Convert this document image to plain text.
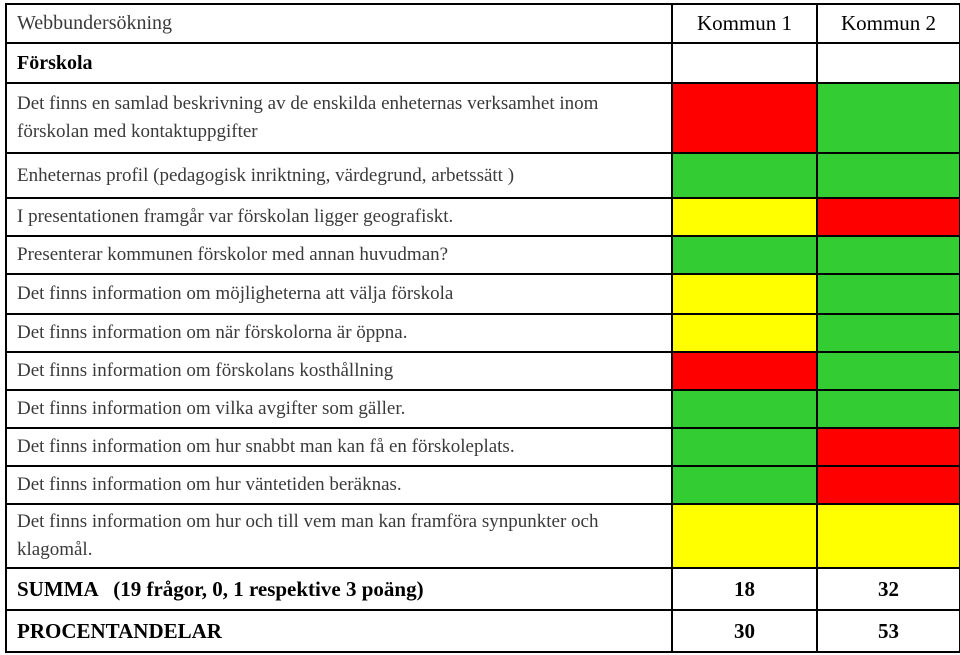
Webbundersökning	Kommun 1	Kommun 2
Förskola		
Det finns en samlad beskrivning av de enskilda enheternas verksamhet inom förskolan med kontaktuppgifter		
Enheternas profil (pedagogisk inriktning, värdegrund, arbetssätt )		
I presentationen framgår var förskolan ligger geografiskt.		
Presenterar kommunen förskolor med annan huvudman?		
Det finns information om möjligheterna att välja förskola		
Det finns information om när förskolorna är öppna.		
Det finns information om förskolans kosthållning		
Det finns information om vilka avgifter som gäller.		
Det finns information om hur snabbt man kan få en förskoleplats.		
Det finns information om hur väntetiden beräknas.		
Det finns information om hur och till vem man kan framföra synpunkter och klagomål.		
SUMMA   (19 frågor, 0, 1 respektive 3 poäng)	18	32
PROCENTANDELAR	30	53
